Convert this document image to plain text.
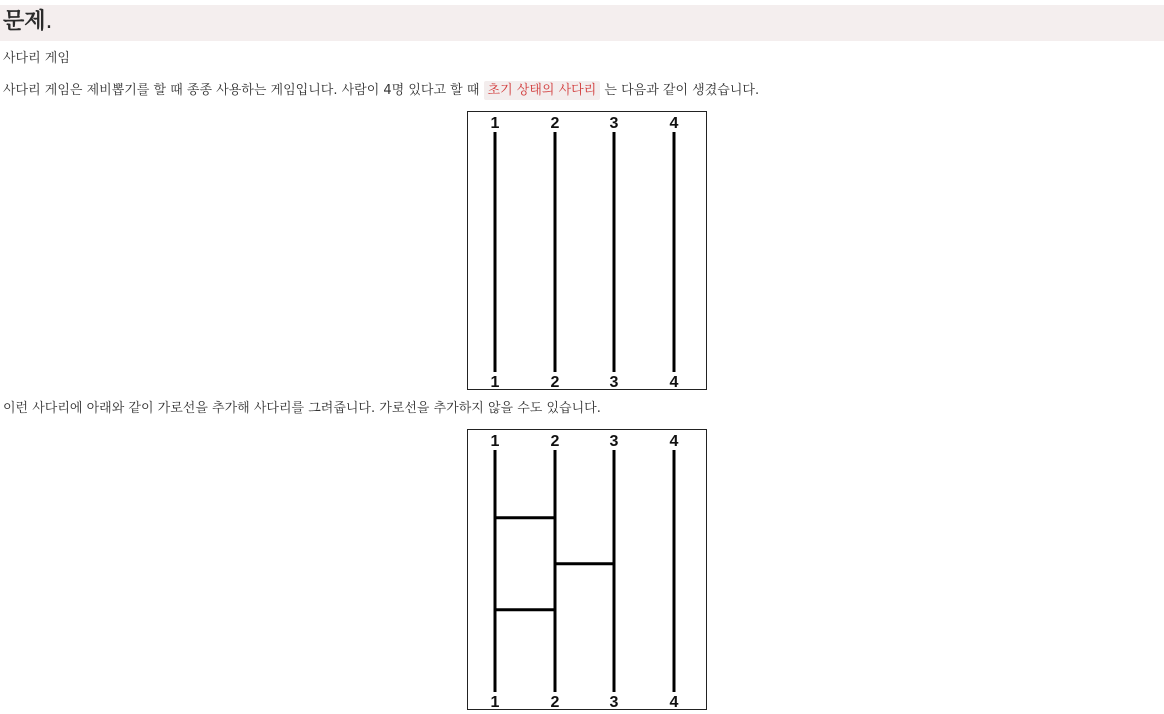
문제.
사다리 게임
사다리 게임은 제비뽑기를 할 때 종종 사용하는 게임입니다. 사람이 4명 있다고 할 때 초기 상태의 사다리 는 다음과 같이 생겼습니다.
1	2	3	4
1	2	3	4
이런 사다리에 아래와 같이 가로선을 추가해 사다리를 그려줍니다. 가로선을 추가하지 않을 수도 있습니다.
1	2	3	4
1	2	3	4
